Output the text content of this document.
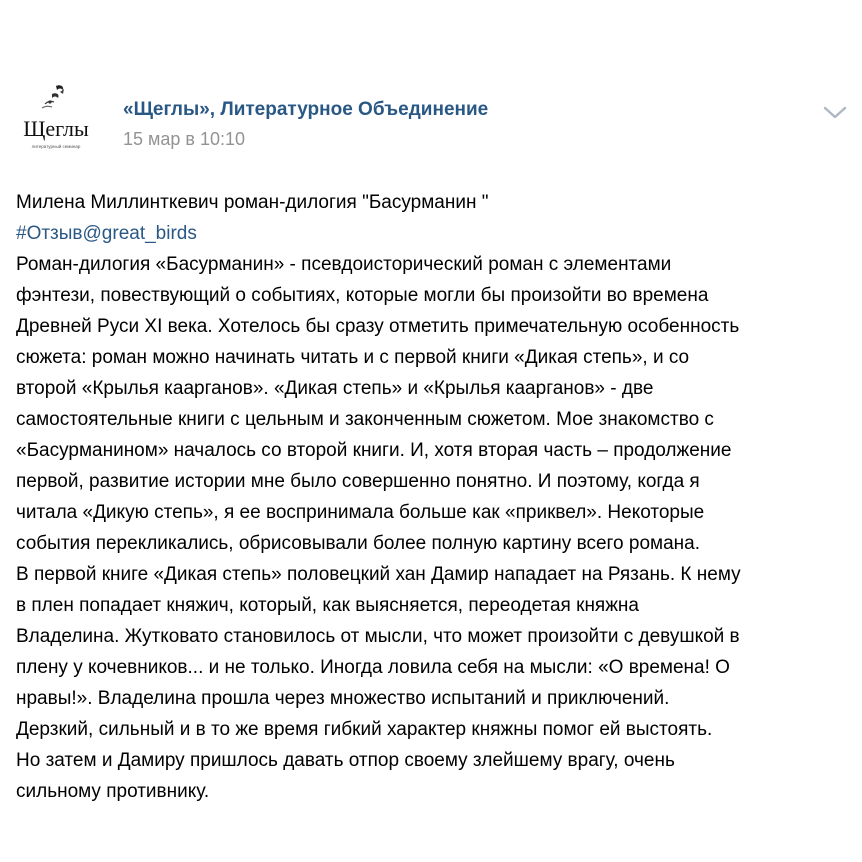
Щеглы
литературный семинар
«Щеглы», Литературное Объединение
15 мар в 10:10
Милена Миллинткевич роман-дилогия "Басурманин "
#Отзыв@great_birds
Роман-дилогия «Басурманин» - псевдоисторический роман с элементами
фэнтези, повествующий о событиях, которые могли бы произойти во времена
Древней Руси XI века. Хотелось бы сразу отметить примечательную особенность
сюжета: роман можно начинать читать и с первой книги «Дикая степь», и со
второй «Крылья каарганов». «Дикая степь» и «Крылья каарганов» - две
самостоятельные книги с цельным и законченным сюжетом. Мое знакомство с
«Басурманином» началось со второй книги. И, хотя вторая часть – продолжение
первой, развитие истории мне было совершенно понятно. И поэтому, когда я
читала «Дикую степь», я ее воспринимала больше как «приквел». Некоторые
события перекликались, обрисовывали более полную картину всего романа.
В первой книге «Дикая степь» половецкий хан Дамир нападает на Рязань. К нему
в плен попадает княжич, который, как выясняется, переодетая княжна
Владелина. Жутковато становилось от мысли, что может произойти с девушкой в
плену у кочевников... и не только. Иногда ловила себя на мысли: «О времена! О
нравы!». Владелина прошла через множество испытаний и приключений.
Дерзкий, сильный и в то же время гибкий характер княжны помог ей выстоять.
Но затем и Дамиру пришлось давать отпор своему злейшему врагу, очень
сильному противнику.
